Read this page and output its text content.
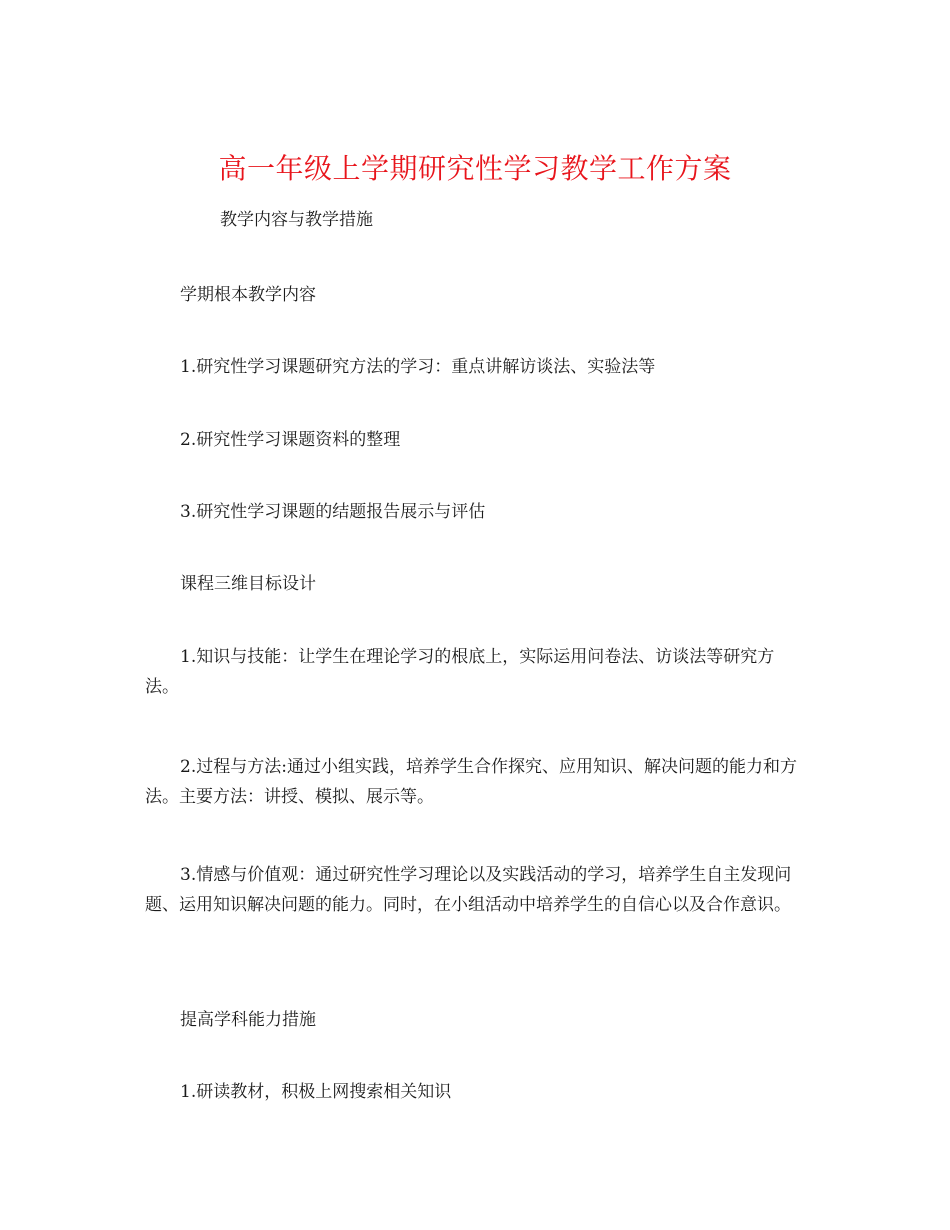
高一年级上学期研究性学习教学工作方案

教学内容与教学措施

学期根本教学内容

1.研究性学习课题研究方法的学习：重点讲解访谈法、实验法等

2.研究性学习课题资料的整理

3.研究性学习课题的结题报告展示与评估

课程三维目标设计

1.知识与技能：让学生在理论学习的根底上，实际运用问卷法、访谈法等研究方法。

2.过程与方法:通过小组实践，培养学生合作探究、应用知识、解决问题的能力和方法。主要方法：讲授、模拟、展示等。

3.情感与价值观：通过研究性学习理论以及实践活动的学习，培养学生自主发现问题、运用知识解决问题的能力。同时，在小组活动中培养学生的自信心以及合作意识。

提高学科能力措施

1.研读教材，积极上网搜索相关知识
